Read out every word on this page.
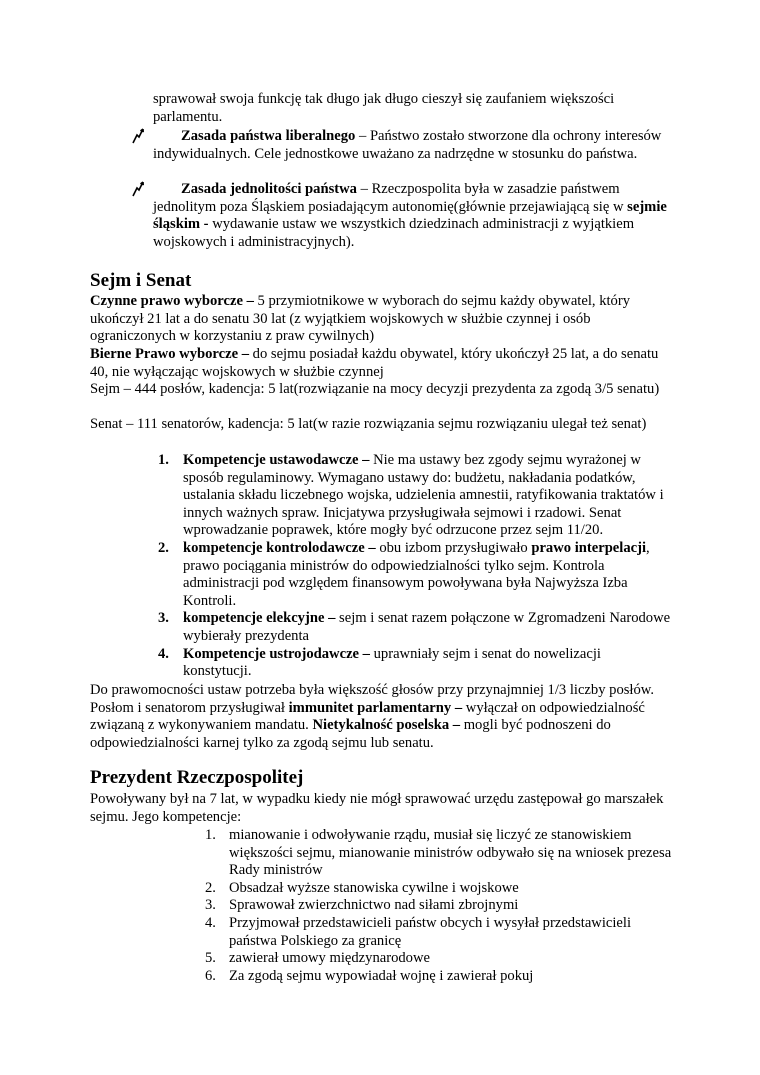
sprawował swoja funkcję tak długo jak długo cieszył się zaufaniem większości parlamentu.
Zasada państwa liberalnego – Państwo zostało stworzone dla ochrony interesów indywidualnych. Cele jednostkowe uważano za nadrzędne w stosunku do państwa.
Zasada jednolitości państwa – Rzeczpospolita była w zasadzie państwem jednolitym poza Śląskiem posiadającym autonomię(głównie przejawiającą się w sejmie śląskim - wydawanie ustaw we wszystkich dziedzinach administracji z wyjątkiem wojskowych i administracyjnych).
Sejm i Senat
Czynne prawo wyborcze – 5 przymiotnikowe w wyborach do sejmu każdy obywatel, który ukończył 21 lat a do senatu 30 lat (z wyjątkiem wojskowych w służbie czynnej i osób ograniczonych w korzystaniu z praw cywilnych)
Bierne Prawo wyborcze – do sejmu posiadał każdu obywatel, który ukończył 25 lat, a do senatu 40, nie wyłączając wojskowych w służbie czynnej
Sejm – 444 posłów, kadencja: 5 lat(rozwiązanie na mocy decyzji prezydenta za zgodą 3/5 senatu)
Senat – 111 senatorów, kadencja: 5 lat(w razie rozwiązania sejmu rozwiązaniu ulegał też senat)
1. Kompetencje ustawodawcze – Nie ma ustawy bez zgody sejmu wyrażonej w sposób regulaminowy. Wymagano ustawy do: budżetu, nakładania podatków, ustalania składu liczebnego wojska, udzielenia amnestii, ratyfikowania traktatów i innych ważnych spraw. Inicjatywa przysługiwała sejmowi i rzadowi. Senat wprowadzanie poprawek, które mogły być odrzucone przez sejm 11/20.
2. kompetencje kontrolodawcze – obu izbom przysługiwało prawo interpelacji, prawo pociągania ministrów do odpowiedzialności tylko sejm. Kontrola administracji pod względem finansowym powoływana była Najwyższa Izba Kontroli.
3. kompetencje elekcyjne – sejm i senat razem połączone w Zgromadzeni Narodowe wybierały prezydenta
4. Kompetencje ustrojodawcze – uprawniały sejm i senat do nowelizacji konstytucji.
Do prawomocności ustaw potrzeba była większość głosów przy przynajmniej 1/3 liczby posłów. Posłom i senatorom przysługiwał immunitet parlamentarny – wyłączał on odpowiedzialność związaną z wykonywaniem mandatu. Nietykalność poselska – mogli być podnoszeni do odpowiedzialności karnej tylko za zgodą sejmu lub senatu.
Prezydent Rzeczpospolitej
Powoływany był na 7 lat, w wypadku kiedy nie mógł sprawować urzędu zastępował go marszałek sejmu. Jego kompetencje:
1. mianowanie i odwoływanie rządu, musiał się liczyć ze stanowiskiem większości sejmu, mianowanie ministrów odbywało się na wniosek prezesa Rady ministrów
2. Obsadzał wyższe stanowiska cywilne i wojskowe
3. Sprawował zwierzchnictwo nad siłami zbrojnymi
4. Przyjmował przedstawicieli państw obcych i wysyłał przedstawicieli państwa Polskiego za granicę
5. zawierał umowy międzynarodowe
6. Za zgodą sejmu wypowiadał wojnę i zawierał pokuj
